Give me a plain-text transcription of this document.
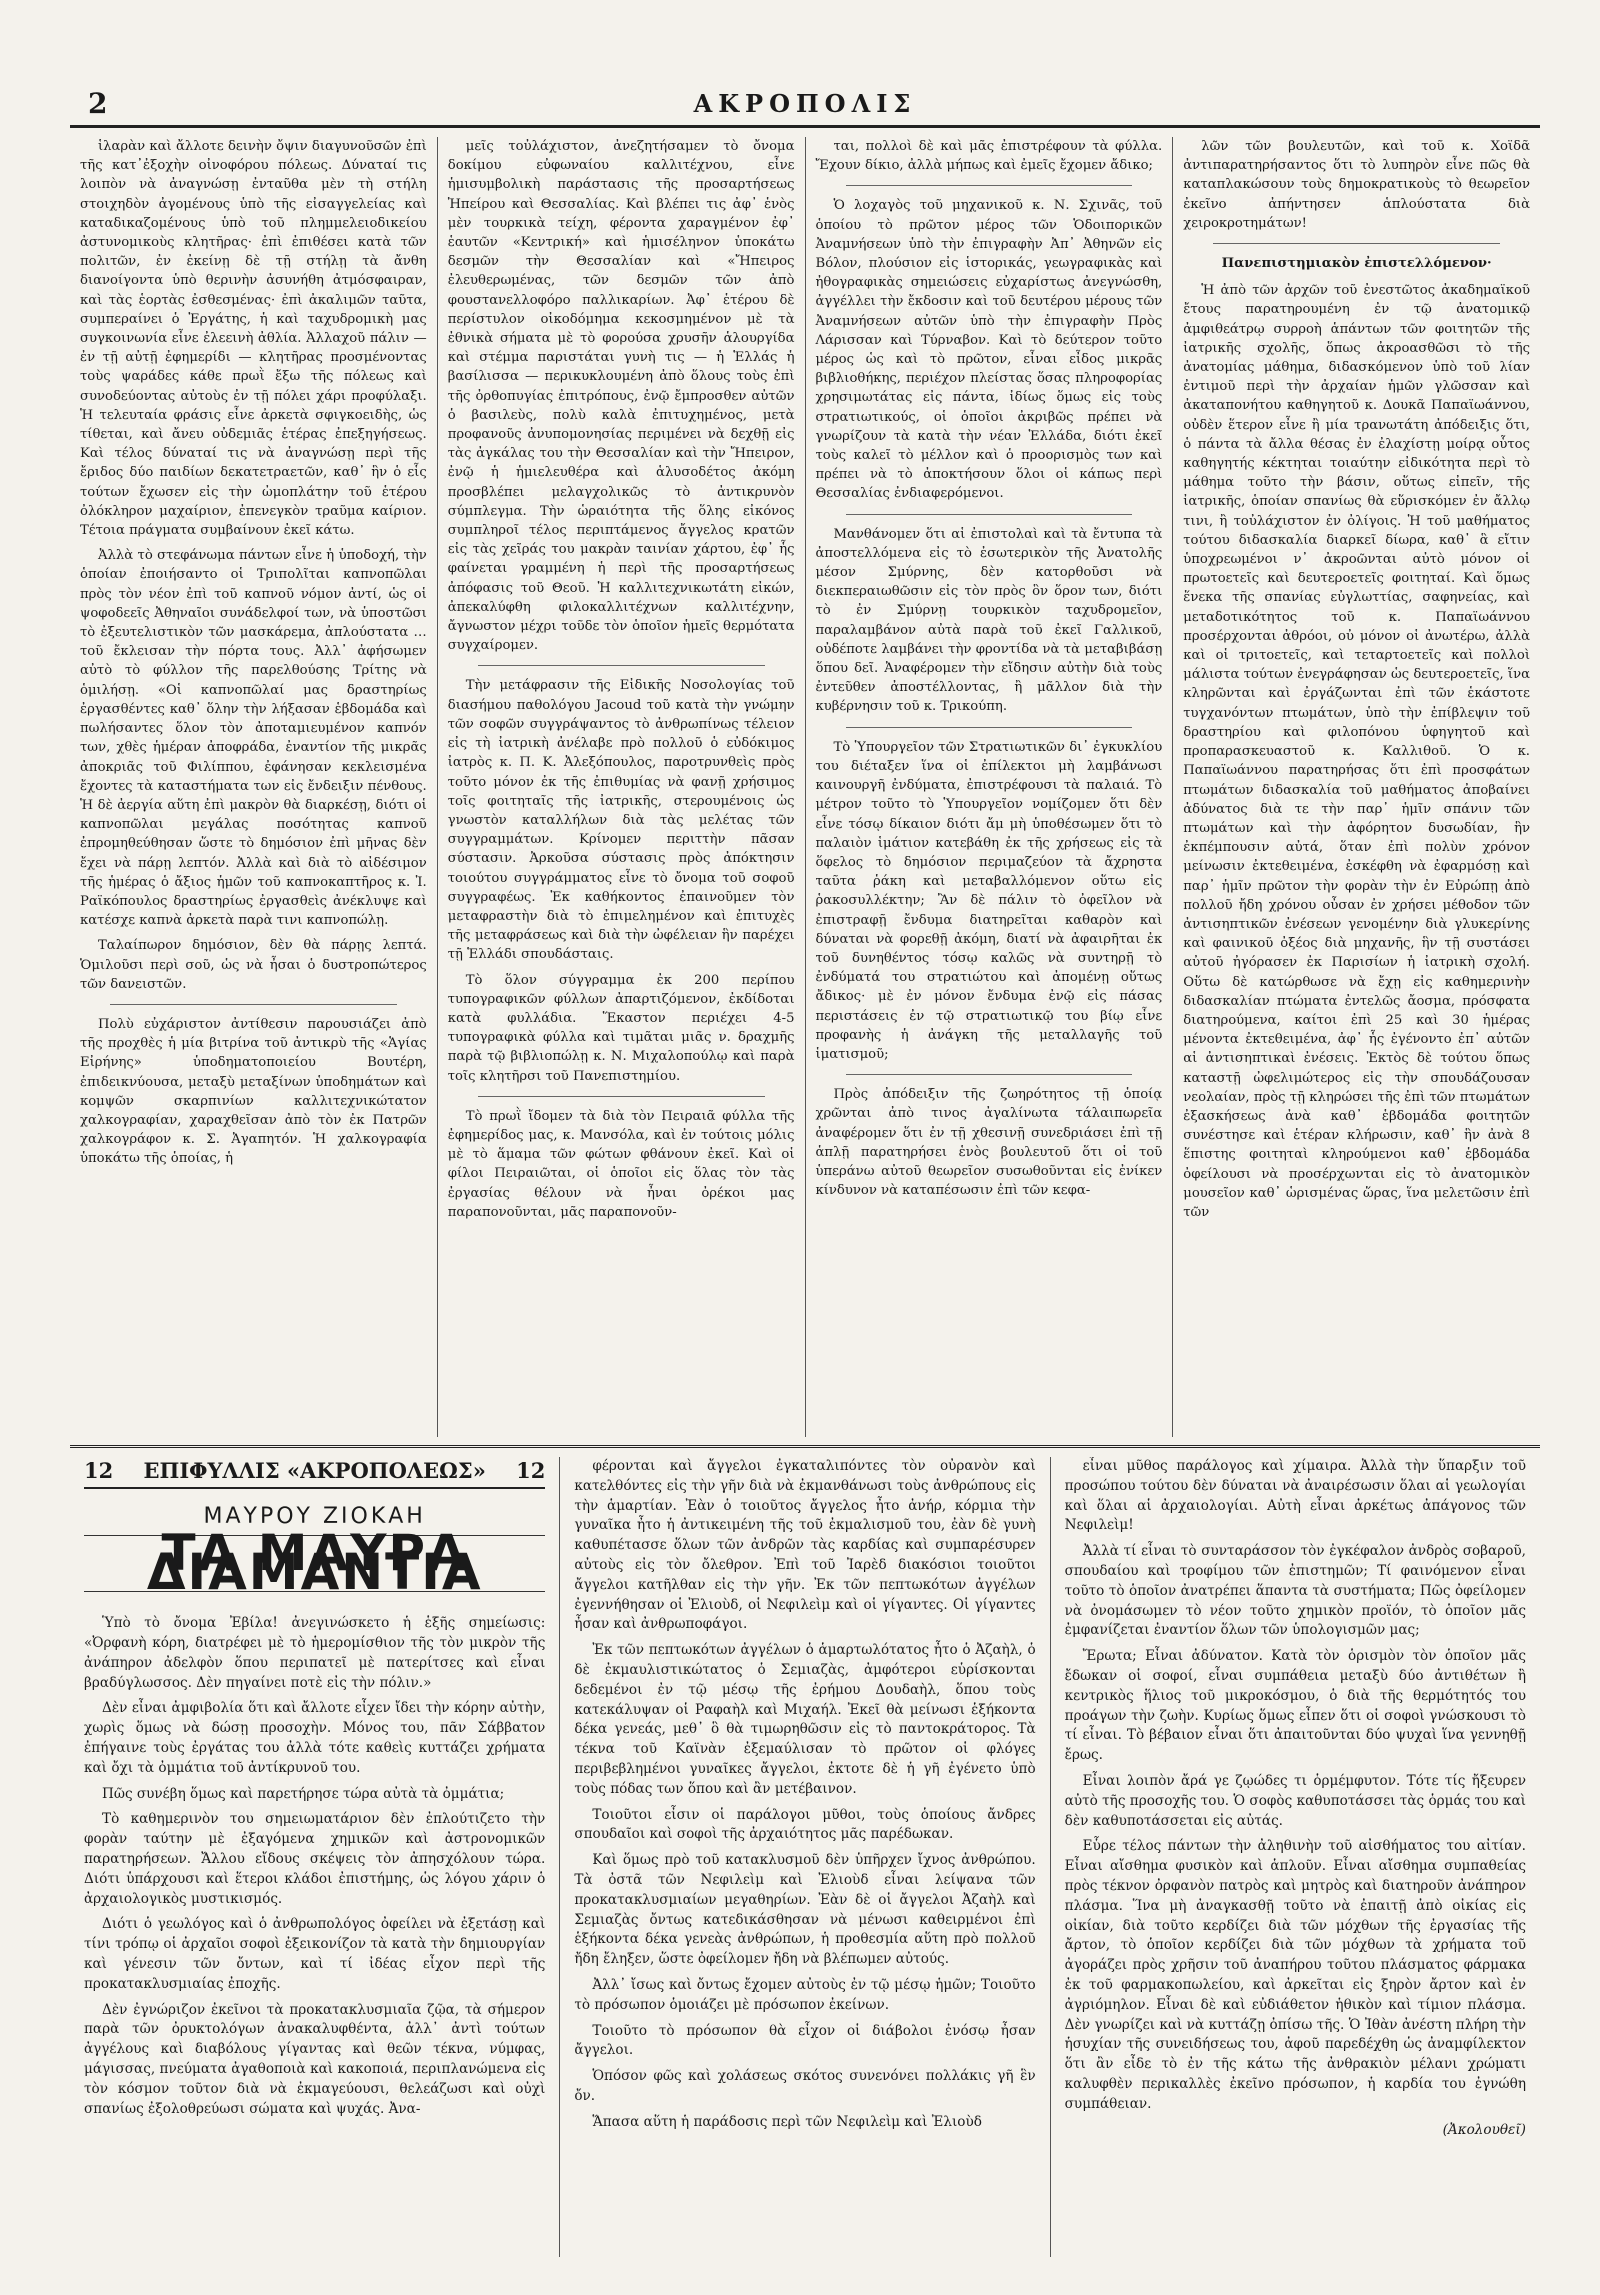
2	ΑΚΡΟΠΟΛΙΣ

ἱλαρὰν καὶ ἄλλοτε δεινὴν ὄψιν διαγυνοῦσῶν ἐπὶ τῆς κατ᾽ἐξοχὴν οἰνοφόρου πόλεως. Δύναταί τις λοιπὸν νὰ ἀναγνώσῃ ἐνταῦθα μὲν τὴ στήλη στοιχηδὸν ἀγομένους ὑπὸ τῆς εἰσαγγελείας καὶ καταδικαζομένους ὑπὸ τοῦ πλημμελειοδικείου ἀστυνομικοὺς κλητῆρας· ἐπὶ ἐπιθέσει κατὰ τῶν πολιτῶν, ἐν ἐκείνῃ δὲ τῇ στήλῃ τὰ ἄνθη διανοίγοντα ὑπὸ θερινὴν ἀσυνήθη ἀτμόσφαιραν, καὶ τὰς ἑορτὰς ἐσθεσμένας· ἐπὶ ἀκαλιμῶν ταῦτα, συμπεραίνει ὁ Ἐργάτης, ἡ καὶ ταχυδρομικὴ μας συγκοινωνία εἶνε ἐλεεινὴ ἀθλία. Ἀλλαχοῦ πάλιν — ἐν τῇ αὐτῇ ἐφημερίδι — κλητῆρας προσμένοντας τοὺς ψαράδες κάθε πρωῒ ἔξω τῆς πόλεως καὶ συνοδεύοντας αὐτοὺς ἐν τῇ πόλει χάρι προφύλαξι. Ἡ τελευταία φράσις εἶνε ἀρκετὰ σφιγκοειδὴς, ὡς τίθεται, καὶ ἄνευ οὐδεμιᾶς ἑτέρας ἐπεξηγήσεως. Καὶ τέλος δύναταί τις νὰ ἀναγνώσῃ περὶ τῆς ἔριδος δύο παιδίων δεκατετραετῶν, καθ᾽ ἣν ὁ εἷς τούτων ἔχωσεν εἰς τὴν ὠμοπλάτην τοῦ ἑτέρου ὀλόκληρον μαχαίριον, ἐπενεγκὸν τραῦμα καίριον. Τέτοια πράγματα συμβαίνουν ἐκεῖ κάτω.

Ἀλλὰ τὸ στεφάνωμα πάντων εἶνε ἡ ὑποδοχή, τὴν ὁποίαν ἐποιήσαντο οἱ Τριπολῖται καπνοπῶλαι πρὸς τὸν νέον ἐπὶ τοῦ καπνοῦ νόμον ἀντί, ὡς οἱ ψοφοδεεῖς Ἀθηναῖοι συνάδελφοί των, νὰ ὑποστῶσι τὸ ἐξευτελιστικὸν τῶν μασκάρεμα, ἀπλούστατα … τοῦ ἔκλεισαν τὴν πόρτα τους. Ἀλλ᾽ ἀφήσωμεν αὐτὸ τὸ φύλλον τῆς παρελθούσης Τρίτης νὰ ὁμιλήσῃ. «Οἱ καπνοπῶλαί μας δραστηρίως ἐργασθέντες καθ᾽ ὅλην τὴν λήξασαν ἑβδομάδα καὶ πωλήσαντες ὅλον τὸν ἀποταμιευμένον καπνόν των, χθὲς ἡμέραν ἀποφράδα, ἐναντίον τῆς μικρᾶς ἀποκριᾶς τοῦ Φιλίππου, ἐφάνησαν κεκλεισμένα ἔχοντες τὰ καταστήματα των εἰς ἔνδειξιν πένθους. Ἡ δὲ ἀεργία αὕτη ἐπὶ μακρὸν θὰ διαρκέσῃ, διότι οἱ καπνοπῶλαι μεγάλας ποσότητας καπνοῦ ἐπρομηθεύθησαν ὥστε τὸ δημόσιον ἐπὶ μῆνας δὲν ἔχει νὰ πάρῃ λεπτόν. Ἀλλὰ καὶ διὰ τὸ αἰδέσιμον τῆς ἡμέρας ὁ ἄξιος ἡμῶν τοῦ καπνοκαπτῆρος κ. Ἰ. Ραϊκόπουλος δραστηρίως ἐργασθεὶς ἀνέκλυψε καὶ κατέσχε καπνὰ ἀρκετὰ παρὰ τινι καπνοπώλῃ.

Ταλαίπωρον δημόσιον, δὲν θὰ πάρῃς λεπτά. Ὁμιλοῦσι περὶ σοῦ, ὡς νὰ ἦσαι ὁ δυστροπώτερος τῶν δανειστῶν.

Πολὺ εὐχάριστον ἀντίθεσιν παρουσιάζει ἀπὸ τῆς προχθὲς ἡ μία βιτρίνα τοῦ ἀντικρὺ τῆς «Ἁγίας Εἰρήνης» ὑποδηματοποιείου Βουτέρη, ἐπιδεικνύουσα, μεταξὺ μεταξίνων ὑποδημάτων καὶ κομψῶν σκαρπινίων καλλιτεχνικώτατον χαλκογραφίαν, χαραχθεῖσαν ἀπὸ τὸν ἐκ Πατρῶν χαλκογράφον κ. Σ. Ἀγαπητόν. Ἡ χαλκογραφία ὑποκάτω τῆς ὁποίας, ἡ

μεῖς τοὐλάχιστον, ἀνεζητήσαμεν τὸ ὄνομα δοκίμου εὐφωναίου καλλιτέχνου, εἶνε ἡμισυμβολικὴ παράστασις τῆς προσαρτήσεως Ἠπείρου καὶ Θεσσαλίας. Καὶ βλέπει τις ἀφ᾽ ἑνὸς μὲν τουρκικὰ τείχη, φέροντα χαραγμένον ἐφ᾽ ἑαυτῶν «Κεντρική» καὶ ἡμισέληνον ὑποκάτω δεσμῶν τὴν Θεσσαλίαν καὶ «Ἤπειρος ἐλευθερωμένας, τῶν δεσμῶν τῶν ἀπὸ φουστανελλοφόρο παλλικαρίων. Ἀφ᾽ ἑτέρου δὲ περίστυλον οἰκοδόμημα κεκοσμημένον μὲ τὰ ἐθνικὰ σήματα μὲ τὸ φορούσα χρυσῆν ἁλουργίδα καὶ στέμμα παριστάται γυνὴ τις — ἡ Ἑλλάς ἡ βασίλισσα — περικυκλουμένη ἀπὸ ὅλους τοὺς ἐπὶ τῆς ὀρθοπυγίας ἐπιτρόπους, ἐνῷ ἔμπροσθεν αὐτῶν ὁ βασιλεὺς, πολὺ καλὰ ἐπιτυχημένος, μετὰ προφανοῦς ἀνυπομονησίας περιμένει νὰ δεχθῇ εἰς τὰς ἀγκάλας του τὴν Θεσσαλίαν καὶ τὴν Ἤπειρον, ἐνῷ ἡ ἡμιελευθέρα καὶ ἁλυσοδέτος ἀκόμη προσβλέπει μελαγχολικῶς τὸ ἀντικρυνὸν σύμπλεγμα. Τὴν ὡραιότητα τῆς ὅλης εἰκόνος συμπληροῖ τέλος περιπτάμενος ἄγγελος κρατῶν εἰς τὰς χεῖράς του μακρὰν ταινίαν χάρτου, ἐφ᾽ ἧς φαίνεται γραμμένη ἡ περὶ τῆς προσαρτήσεως ἀπόφασις τοῦ Θεοῦ. Ἡ καλλιτεχνικωτάτη εἰκών, ἀπεκαλύφθη φιλοκαλλιτέχνων καλλιτέχνην, ἄγνωστον μέχρι τοῦδε τὸν ὁποῖον ἡμεῖς θερμότατα συγχαίρομεν.

Τὴν μετάφρασιν τῆς Εἰδικῆς Νοσολογίας τοῦ διασήμου παθολόγου Jacoud τοῦ κατὰ τὴν γνώμην τῶν σοφῶν συγγράψαντος τὸ ἀνθρωπίνως τέλειον εἰς τὴ ἰατρικὴ ἀνέλαβε πρὸ πολλοῦ ὁ εὐδόκιμος ἰατρὸς κ. Π. Κ. Ἀλεξόπουλος, παροτρυνθεὶς πρὸς τοῦτο μόνον ἐκ τῆς ἐπιθυμίας νὰ φανῇ χρήσιμος τοῖς φοιτηταῖς τῆς ἰατρικῆς, στερουμένοις ὡς γνωστὸν καταλλήλων διὰ τὰς μελέτας τῶν συγγραμμάτων. Κρίνομεν περιττὴν πᾶσαν σύστασιν. Ἀρκοῦσα σύστασις πρὸς ἀπόκτησιν τοιούτου συγγράμματος εἶνε τὸ ὄνομα τοῦ σοφοῦ συγγραφέως. Ἐκ καθήκοντος ἐπαινοῦμεν τὸν μεταφραστὴν διὰ τὸ ἐπιμελημένον καὶ ἐπιτυχὲς τῆς μεταφράσεως καὶ διὰ τὴν ὠφέλειαν ἣν παρέχει τῇ Ἑλλάδι σπουδάσταις.

Τὸ ὅλον σύγγραμμα ἐκ 200 περίπου τυπογραφικῶν φύλλων ἀπαρτιζόμενον, ἐκδίδοται κατὰ φυλλάδια. Ἕκαστον περιέχει 4-5 τυπογραφικὰ φύλλα καὶ τιμᾶται μιᾶς ν. δραχμῆς παρὰ τῷ βιβλιοπώλῃ κ. Ν. Μιχαλοπούλῳ καὶ παρὰ τοῖς κλητῆρσι τοῦ Πανεπιστημίου.

Τὸ πρωῒ ἴδομεν τὰ διὰ τὸν Πειραιᾶ φύλλα τῆς ἐφημερίδος μας, κ. Μανσόλα, καὶ ἐν τούτοις μόλις μὲ τὸ ἅμαμα τῶν φώτων φθάνουν ἐκεῖ. Καὶ οἱ φίλοι Πειραιῶται, οἱ ὁποῖοι εἰς ὅλας τὸν τὰς ἐργασίας θέλουν νὰ ἦναι ὀρέκοι μας παραπονοῦνται, μᾶς παραπονοῦν-

ται, πολλοὶ δὲ καὶ μᾶς ἐπιστρέφουν τὰ φύλλα. Ἔχουν δίκιο, ἀλλὰ μήπως καὶ ἐμεῖς ἔχομεν ἄδικο;

Ὁ λοχαγὸς τοῦ μηχανικοῦ κ. Ν. Σχινᾶς, τοῦ ὁποίου τὸ πρῶτον μέρος τῶν Ὁδοιπορικῶν Ἀναμνήσεων ὑπὸ τὴν ἐπιγραφὴν Ἀπ᾽ Ἀθηνῶν εἰς Βόλον, πλούσιον εἰς ἱστορικάς, γεωγραφικὰς καὶ ἠθογραφικὰς σημειώσεις εὐχαρίστως ἀνεγνώσθη, ἀγγέλλει τὴν ἔκδοσιν καὶ τοῦ δευτέρου μέρους τῶν Ἀναμνήσεων αὐτῶν ὑπὸ τὴν ἐπιγραφὴν Πρὸς Λάρισσαν καὶ Τύρναβον. Καὶ τὸ δεύτερον τοῦτο μέρος ὡς καὶ τὸ πρῶτον, εἶναι εἶδος μικρᾶς βιβλιοθήκης, περιέχον πλείστας ὅσας πληροφορίας χρησιμωτάτας εἰς πάντα, ἰδίως ὅμως εἰς τοὺς στρατιωτικούς, οἱ ὁποῖοι ἀκριβῶς πρέπει νὰ γνωρίζουν τὰ κατὰ τὴν νέαν Ἑλλάδα, διότι ἐκεῖ τοὺς καλεῖ τὸ μέλλον καὶ ὁ προορισμὸς των καὶ πρέπει νὰ τὸ ἀποκτήσουν ὅλοι οἱ κάπως περὶ Θεσσαλίας ἐνδιαφερόμενοι.

Μανθάνομεν ὅτι αἱ ἐπιστολαὶ καὶ τὰ ἔντυπα τὰ ἀποστελλόμενα εἰς τὸ ἐσωτερικὸν τῆς Ἀνατολῆς μέσον Σμύρνης, δὲν κατορθοῦσι νὰ διεκπεραιωθῶσιν εἰς τὸν πρὸς ὃν ὅρον των, διότι τὸ ἐν Σμύρνῃ τουρκικὸν ταχυδρομεῖον, παραλαμβάνον αὐτὰ παρὰ τοῦ ἐκεῖ Γαλλικοῦ, οὐδέποτε λαμβάνει τὴν φροντίδα νὰ τὰ μεταβιβάσῃ ὅπου δεῖ. Ἀναφέρομεν τὴν εἴδησιν αὐτὴν διὰ τοὺς ἐντεῦθεν ἀποστέλλοντας, ἢ μᾶλλον διὰ τὴν κυβέρνησιν τοῦ κ. Τρικούπη.

Τὸ Ὑπουργεῖον τῶν Στρατιωτικῶν δι᾽ ἐγκυκλίου του διέταξεν ἵνα οἱ ἐπίλεκτοι μὴ λαμβάνωσι καινουργῆ ἐνδύματα, ἐπιστρέφουσι τὰ παλαιά. Τὸ μέτρον τοῦτο τὸ Ὑπουργεῖον νομίζομεν ὅτι δὲν εἶνε τόσῳ δίκαιον διότι ἄμ μὴ ὑποθέσωμεν ὅτι τὸ παλαιὸν ἱμάτιον κατεβάθη ἐκ τῆς χρήσεως εἰς τὰ ὅφελος τὸ δημόσιον περιμαζεύον τὰ ἄχρηστα ταῦτα ῥάκη καὶ μεταβαλλόμενον οὕτω εἰς ῥακοσυλλέκτην; Ἂν δὲ πάλιν τὸ ὀφεῖλον νὰ ἐπιστραφῇ ἔνδυμα διατηρεῖται καθαρὸν καὶ δύναται νὰ φορεθῇ ἀκόμη, διατί νὰ ἀφαιρῆται ἐκ τοῦ δυνηθέντος τόσῳ καλῶς νὰ συντηρῇ τὸ ἐνδύματά του στρατιώτου καὶ ἀπομένῃ οὕτως ἄδικος· μὲ ἐν μόνον ἔνδυμα ἐνῷ εἰς πάσας περιστάσεις ἐν τῷ στρατιωτικῷ του βίῳ εἶνε προφανὴς ἡ ἀνάγκη τῆς μεταλλαγῆς τοῦ ἱματισμοῦ;

Πρὸς ἀπόδειξιν τῆς ζωηρότητος τῇ ὁποίᾳ χρῶνται ἀπὸ τινος ἀγαλίνωτα τάλαιπωρεῖα ἀναφέρομεν ὅτι ἐν τῇ χθεσινῇ συνεδριάσει ἐπὶ τῇ ἁπλῇ παρατηρήσει ἑνὸς βουλευτοῦ ὅτι οἱ τοῦ ὑπεράνω αὐτοῦ θεωρεῖον συσωθοῦνται εἰς ἐνίκεν κίνδυνον νὰ καταπέσωσιν ἐπὶ τῶν κεφα-

λῶν τῶν βουλευτῶν, καὶ τοῦ κ. Χοϊδᾶ ἀντιπαρατηρήσαντος ὅτι τὸ λυπηρὸν εἶνε πῶς θὰ καταπλακώσουν τοὺς δημοκρατικοὺς τὸ θεωρεῖον ἐκεῖνο ἀπήντησεν ἁπλούστατα διὰ χειροκροτημάτων!

Πανεπιστημιακὸν ἐπιστελλόμενον·

Ἡ ἀπὸ τῶν ἀρχῶν τοῦ ἐνεστῶτος ἀκαδημαϊκοῦ ἔτους παρατηρουμένη ἐν τῷ ἀνατομικῷ ἀμφιθεάτρῳ συρροὴ ἁπάντων τῶν φοιτητῶν τῆς ἰατρικῆς σχολῆς, ὅπως ἀκροασθῶσι τὸ τῆς ἀνατομίας μάθημα, διδασκόμενον ὑπὸ τοῦ λίαν ἐντιμοῦ περὶ τὴν ἀρχαίαν ἡμῶν γλῶσσαν καὶ ἀκαταπονήτου καθηγητοῦ κ. Δουκᾶ Παπαϊωάννου, οὐδὲν ἕτερον εἶνε ἢ μία τρανωτάτη ἀπόδειξις ὅτι, ὁ πάντα τὰ ἄλλα θέσας ἐν ἐλαχίστῃ μοίρᾳ οὗτος καθηγητής κέκτηται τοιαύτην εἰδικότητα περὶ τὸ μάθημα τοῦτο τὴν βάσιν, οὕτως εἰπεῖν, τῆς ἰατρικῆς, ὁποίαν σπανίως θὰ εὕρισκόμεν ἐν ἄλλῳ τινι, ἢ τοὐλάχιστον ἐν ὀλίγοις. Ἡ τοῦ μαθήματος τούτου διδασκαλία διαρκεῖ δίωρα, καθ᾽ ἃ εἴτιν ὑποχρεωμένοι ν᾽ ἀκροῶνται αὐτὸ μόνον οἱ πρωτοετεῖς καὶ δευτεροετεῖς φοιτηταί. Καὶ ὅμως ἕνεκα τῆς σπανίας εὐγλωττίας, σαφηνείας, καὶ μεταδοτικότητος τοῦ κ. Παπαϊωάννου προσέρχονται ἀθρόοι, οὐ μόνον οἱ ἀνωτέρω, ἀλλὰ καὶ οἱ τριτοετεῖς, καὶ τεταρτοετεῖς καὶ πολλοὶ μάλιστα τούτων ἐνεγράφησαν ὡς δευτεροετεῖς, ἵνα κληρῶνται καὶ ἐργάζωνται ἐπὶ τῶν ἑκάστοτε τυγχανόντων πτωμάτων, ὑπὸ τὴν ἐπίβλεψιν τοῦ δραστηρίου καὶ φιλοπόνου ὑφηγητοῦ καὶ προπαρασκευαστοῦ κ. Καλλιθοῦ. Ὁ κ. Παπαϊωάννου παρατηρήσας ὅτι ἐπὶ προσφάτων πτωμάτων διδασκαλία τοῦ μαθήματος ἀποβαίνει ἀδύνατος διὰ τε τὴν παρ᾽ ἡμῖν σπάνιν τῶν πτωμάτων καὶ τὴν ἀφόρητον δυσωδίαν, ἣν ἐκπέμπουσιν αὐτά, ὅταν ἐπὶ πολὺν χρόνον μείνωσιν ἐκτεθειμένα, ἐσκέφθη νὰ ἐφαρμόσῃ καὶ παρ᾽ ἡμῖν πρῶτον τὴν φορὰν τὴν ἐν Εὐρώπῃ ἀπὸ πολλοῦ ἤδη χρόνου οὖσαν ἐν χρήσει μέθοδον τῶν ἀντισηπτικῶν ἐνέσεων γενομένην διὰ γλυκερίνης καὶ φαινικοῦ ὀξέος διὰ μηχανῆς, ἣν τῇ συστάσει αὐτοῦ ἠγόρασεν ἐκ Παρισίων ἡ ἰατρικὴ σχολή. Οὕτω δὲ κατώρθωσε νὰ ἔχῃ εἰς καθημερινὴν διδασκαλίαν πτώματα ἐντελῶς ἄοσμα, πρόσφατα διατηρούμενα, καίτοι ἐπὶ 25 καὶ 30 ἡμέρας μένοντα ἐκτεθειμένα, ἀφ᾽ ἧς ἐγένοντο ἐπ᾽ αὐτῶν αἱ ἀντισηπτικαὶ ἐνέσεις. Ἐκτὸς δὲ τούτου ὅπως καταστῇ ὠφελιμώτερος εἰς τὴν σπουδάζουσαν νεολαίαν, πρὸς τῇ κληρώσει τῆς ἐπὶ τῶν πτωμάτων ἐξασκήσεως ἀνὰ καθ᾽ ἑβδομάδα φοιτητῶν συνέστησε καὶ ἑτέραν κλήρωσιν, καθ᾽ ἣν ἀνὰ 8 ἕπιστης φοιτηταὶ κληρούμενοι καθ᾽ ἑβδομάδα ὀφείλουσι νὰ προσέρχωνται εἰς τὸ ἀνατομικὸν μουσεῖον καθ᾽ ὡρισμένας ὥρας, ἵνα μελετῶσιν ἐπὶ τῶν

12 ΕΠΙΦΥΛΛΙΣ «ΑΚΡΟΠΟΛΕΩΣ» 12
ΜΑΥΡΟΥ ΖΙΟΚΑΗ
ΤΑ ΜΑΥΡΑ ΔΙΑΜΑΝΤΙΑ

Ὑπὸ τὸ ὄνομα Ἐβίλα! ἀνεγινώσκετο ἡ ἑξῆς σημείωσις: «Ὀρφανὴ κόρη, διατρέφει μὲ τὸ ἡμερομίσθιον τῆς τὸν μικρὸν τῆς ἀνάπηρον ἀδελφὸν ὅπου περιπατεῖ μὲ πατερίτσες καὶ εἶναι βραδύγλωσσος. Δὲν πηγαίνει ποτὲ εἰς τὴν πόλιν.»

Δὲν εἶναι ἀμφιβολία ὅτι καὶ ἄλλοτε εἶχεν ἴδει τὴν κόρην αὐτὴν, χωρὶς ὅμως νὰ δώσῃ προσοχὴν. Μόνος του, πᾶν Σάββατον ἐπήγαινε τοὺς ἐργάτας του ἀλλὰ τότε καθεὶς κυττάζει χρήματα καὶ ὄχι τὰ ὀμμάτια τοῦ ἀντίκρυνοῦ του.

Πῶς συνέβη ὅμως καὶ παρετήρησε τώρα αὐτὰ τὰ ὀμμάτια;

Τὸ καθημερινὸν του σημειωματάριον δὲν ἐπλούτιζετο τὴν φορὰν ταύτην μὲ ἐξαγόμενα χημικῶν καὶ ἀστρονομικῶν παρατηρήσεων. Ἄλλου εἴδους σκέψεις τὸν ἀπησχόλουν τώρα. Διότι ὑπάρχουσι καὶ ἕτεροι κλάδοι ἐπιστήμης, ὡς λόγου χάριν ὁ ἀρχαιολογικὸς μυστικισμός.

Διότι ὁ γεωλόγος καὶ ὁ ἀνθρωπολόγος ὀφείλει νὰ ἐξετάσῃ καὶ τίνι τρόπῳ οἱ ἀρχαῖοι σοφοὶ ἐξεικονίζον τὰ κατὰ τὴν δημιουργίαν καὶ γένεσιν τῶν ὄντων, καὶ τί ἰδέας εἶχον περὶ τῆς προκατακλυσμιαίας ἐποχῆς.

Δὲν ἐγνώριζον ἐκεῖνοι τὰ προκατακλυσμιαῖα ζῷα, τὰ σήμερον παρὰ τῶν ὀρυκτολόγων ἀνακαλυφθέντα, ἀλλ᾽ ἀντὶ τούτων ἀγγέλους καὶ διαβόλους γίγαντας καὶ θεῶν τέκνα, νύμφας, μάγισσας, πνεύματα ἀγαθοποιὰ καὶ κακοποιά, περιπλανώμενα εἰς τὸν κόσμον τοῦτον διὰ νὰ ἐκμαγεύουσι, θελεάζωσι καὶ οὐχὶ σπανίως ἐξολοθρεύωσι σώματα καὶ ψυχάς. Ἀνα-

φέρονται καὶ ἄγγελοι ἐγκαταλιπόντες τὸν οὐρανὸν καὶ κατελθόντες εἰς τὴν γῆν διὰ νὰ ἐκμανθάνωσι τοὺς ἀνθρώπους εἰς τὴν ἁμαρτίαν. Ἐὰν ὁ τοιοῦτος ἄγγελος ἦτο ἀνήρ, κόρμια τὴν γυναῖκα ἦτο ἡ ἀντικειμένη τῆς τοῦ ἐκμαλισμοῦ του, ἐὰν δὲ γυνὴ καθυπέτασσε ὅλων τῶν ἀνδρῶν τὰς καρδίας καὶ συμπαρέσυρεν αὐτοὺς εἰς τὸν ὄλεθρον. Ἐπὶ τοῦ Ἰαρὲδ διακόσιοι τοιοῦτοι ἄγγελοι κατῆλθαν εἰς τὴν γῆν. Ἐκ τῶν πεπτωκότων ἀγγέλων ἐγεννήθησαν οἱ Ἐλιοὺδ, οἱ Νεφιλεὶμ καὶ οἱ γίγαντες. Οἱ γίγαντες ἦσαν καὶ ἀνθρωποφάγοι.

Ἐκ τῶν πεπτωκότων ἀγγέλων ὁ ἁμαρτωλότατος ἦτο ὁ Ἀζαὴλ, ὁ δὲ ἐκμαυλιστικώτατος ὁ Σεμιαζὰς, ἀμφότεροι εὑρίσκονται δεδεμένοι ἐν τῷ μέσῳ τῆς ἐρήμου Δουδαὴλ, ὅπου τοὺς κατεκάλυψαν οἱ Ραφαὴλ καὶ Μιχαήλ. Ἐκεῖ θὰ μείνωσι ἑξήκοντα δέκα γενεάς, μεθ᾽ ὃ θὰ τιμωρηθῶσιν εἰς τὸ παντοκράτορος. Τὰ τέκνα τοῦ Καϊνὰν ἐξεμαύλισαν τὸ πρῶτον οἱ φλόγες περιβεβλημένοι γυναῖκες ἄγγελοι, ἐκτοτε δὲ ἡ γῆ ἐγένετο ὑπὸ τοὺς πόδας των ὅπου καὶ ἂν μετέβαινον.

Τοιοῦτοι εἶσιν οἱ παράλογοι μῦθοι, τοὺς ὁποίους ἄνδρες σπουδαῖοι καὶ σοφοὶ τῆς ἀρχαιότητος μᾶς παρέδωκαν.

Καὶ ὅμως πρὸ τοῦ κατακλυσμοῦ δὲν ὑπῆρχεν ἴχνος ἀνθρώπου. Τὰ ὀστᾶ τῶν Νεφιλεὶμ καὶ Ἐλιοὺδ εἶναι λείψανα τῶν προκατακλυσμιαίων μεγαθηρίων. Ἐὰν δὲ οἱ ἄγγελοι Ἀζαὴλ καὶ Σεμιαζὰς ὄντως κατεδικάσθησαν νὰ μένωσι καθειρμένοι ἐπὶ ἑξήκοντα δέκα γενεὰς ἀνθρώπων, ἡ προθεσμία αὕτη πρὸ πολλοῦ ἤδη ἔληξεν, ὥστε ὀφείλομεν ἤδη νὰ βλέπωμεν αὐτούς.

Ἀλλ᾽ ἴσως καὶ ὄντως ἔχομεν αὐτοὺς ἐν τῷ μέσῳ ἡμῶν; Τοιοῦτο τὸ πρόσωπον ὁμοιάζει μὲ πρόσωπον ἐκείνων.

Τοιοῦτο τὸ πρόσωπον θὰ εἶχον οἱ διάβολοι ἐνόσῳ ἦσαν ἄγγελοι.

Ὁπόσον φῶς καὶ χολάσεως σκότος συνενόνει πολλάκις γῆ ἓν ὄν.

Ἅπασα αὕτη ἡ παράδοσις περὶ τῶν Νεφιλεὶμ καὶ Ἐλιοὺδ

εἶναι μῦθος παράλογος καὶ χίμαιρα. Ἀλλὰ τὴν ὕπαρξιν τοῦ προσώπου τούτου δὲν δύναται νὰ ἀναιρέσωσιν ὅλαι αἱ γεωλογίαι καὶ ὅλαι αἱ ἀρχαιολογίαι. Αὐτὴ εἶναι ἀρκέτως ἀπάγονος τῶν Νεφιλεὶμ!

Ἀλλὰ τί εἶναι τὸ συνταράσσον τὸν ἐγκέφαλον ἀνδρὸς σοβαροῦ, σπουδαίου καὶ τροφίμου τῶν ἐπιστημῶν; Τί φαινόμενον εἶναι τοῦτο τὸ ὁποῖον ἀνατρέπει ἅπαντα τὰ συστήματα; Πῶς ὀφείλομεν νὰ ὀνομάσωμεν τὸ νέον τοῦτο χημικὸν προϊόν, τὸ ὁποῖον μᾶς ἐμφανίζεται ἐναντίον ὅλων τῶν ὑπολογισμῶν μας;

Ἔρωτα; Εἶναι ἀδύνατον. Κατὰ τὸν ὁρισμὸν τὸν ὁποῖον μᾶς ἔδωκαν οἱ σοφοί, εἶναι συμπάθεια μεταξὺ δύο ἀντιθέτων ἢ κεντρικὸς ἥλιος τοῦ μικροκόσμου, ὁ διὰ τῆς θερμότητός του προάγων τὴν ζωὴν. Κυρίως ὅμως εἶπεν ὅτι οἱ σοφοὶ γνώσκουσι τὸ τί εἶναι. Τὸ βέβαιον εἶναι ὅτι ἀπαιτοῦνται δύο ψυχαὶ ἵνα γεννηθῇ ἔρως.

Εἶναι λοιπὸν ἄρά γε ζῳώδες τι ὁρμέμφυτον. Τότε τίς ἤξευρεν αὐτὸ τῆς προσοχῆς του. Ὁ σοφὸς καθυποτάσσει τὰς ὁρμάς του καὶ δὲν καθυποτάσσεται εἰς αὐτάς.

Εὗρε τέλος πάντων τὴν ἀληθινὴν τοῦ αἰσθήματος του αἰτίαν. Εἶναι αἴσθημα φυσικὸν καὶ ἁπλοῦν. Εἶναι αἴσθημα συμπαθείας πρὸς τέκνον ὀρφανὸν πατρὸς καὶ μητρὸς καὶ διατηροῦν ἀνάπηρον πλάσμα. Ἵνα μὴ ἀναγκασθῇ τοῦτο νὰ ἐπαιτῇ ἀπὸ οἰκίας εἰς οἰκίαν, διὰ τοῦτο κερδίζει διὰ τῶν μόχθων τῆς ἐργασίας τῆς ἄρτον, τὸ ὁποῖον κερδίζει διὰ τῶν μόχθων τὰ χρήματα τοῦ ἀγοράζει πρὸς χρῆσιν τοῦ ἀναπήρου τοῦτου πλάσματος φάρμακα ἐκ τοῦ φαρμακοπωλείου, καὶ ἀρκεῖται εἰς ξηρὸν ἄρτον καὶ ἐν ἀγριόμηλον. Εἶναι δὲ καὶ εὐδιάθετον ἡθικὸν καὶ τίμιον πλάσμα. Δὲν γνωρίζει καὶ νὰ κυττάζῃ ὀπίσω τῆς. Ὁ Ἰθὰν ἀνέστη πλήρη τὴν ἡσυχίαν τῆς συνειδήσεως του, ἀφοῦ παρεδέχθη ὡς ἀναμφίλεκτον ὅτι ἂν εἶδε τὸ ἐν τῆς κάτω τῆς ἀνθρακιὸν μέλανι χρώματι καλυφθὲν περικαλλὲς ἐκεῖνο πρόσωπον, ἡ καρδία του ἐγνώθη συμπάθειαν.

(Ἀκολουθεῖ)
